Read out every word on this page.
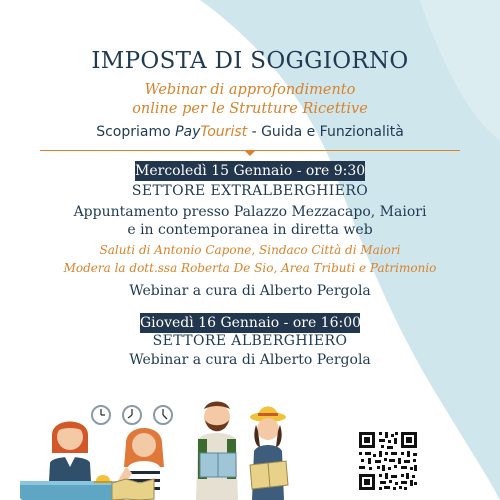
IMPOSTA DI SOGGIORNO
Webinar di approfondimento
online per le Strutture Ricettive
Scopriamo PayTourist - Guida e Funzionalità
Mercoledì 15 Gennaio - ore 9:30
SETTORE EXTRALBERGHIERO
Appuntamento presso Palazzo Mezzacapo, Maiori
e in contemporanea in diretta web
Saluti di Antonio Capone, Sindaco Città di Maiori
Modera la dott.ssa Roberta De Sio, Area Tributi e Patrimonio
Webinar a cura di Alberto Pergola
Giovedì 16 Gennaio - ore 16:00
SETTORE ALBERGHIERO
Webinar a cura di Alberto Pergola
